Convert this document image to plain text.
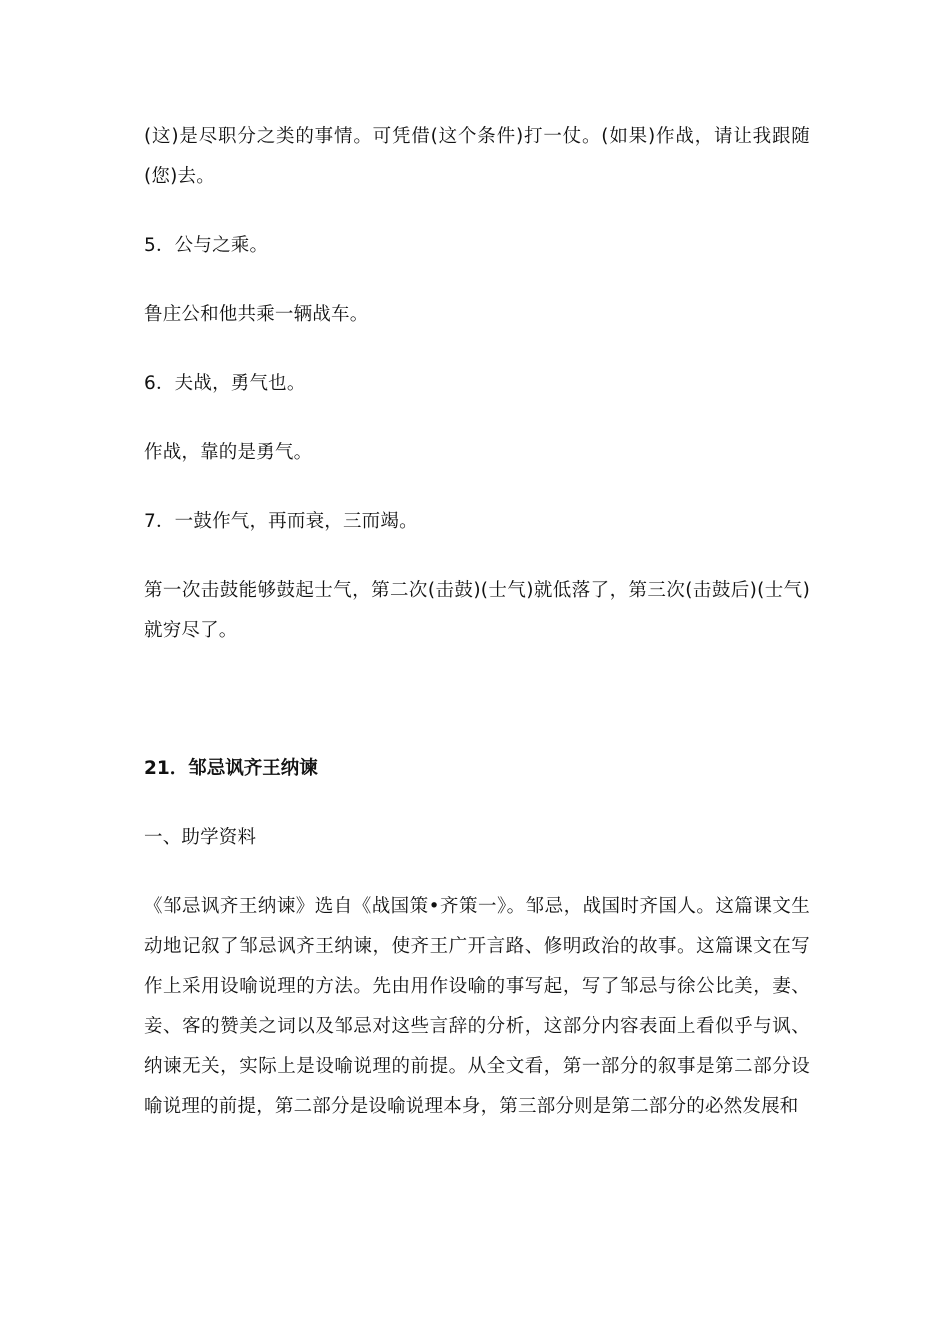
(这)是尽职分之类的事情。可凭借(这个条件)打一仗。(如果)作战，请让我跟随(您)去。

5．公与之乘。

鲁庄公和他共乘一辆战车。

6．夫战，勇气也。

作战，靠的是勇气。

7．一鼓作气，再而衰，三而竭。

第一次击鼓能够鼓起士气，第二次(击鼓)(士气)就低落了，第三次(击鼓后)(士气)就穷尽了。

21．邹忌讽齐王纳谏

一、助学资料

《邹忌讽齐王纳谏》选自《战国策•齐策一》。邹忌，战国时齐国人。这篇课文生动地记叙了邹忌讽齐王纳谏，使齐王广开言路、修明政治的故事。这篇课文在写作上采用设喻说理的方法。先由用作设喻的事写起，写了邹忌与徐公比美，妻、妾、客的赞美之词以及邹忌对这些言辞的分析，这部分内容表面上看似乎与讽、纳谏无关，实际上是设喻说理的前提。从全文看，第一部分的叙事是第二部分设喻说理的前提，第二部分是设喻说理本身，第三部分则是第二部分的必然发展和
